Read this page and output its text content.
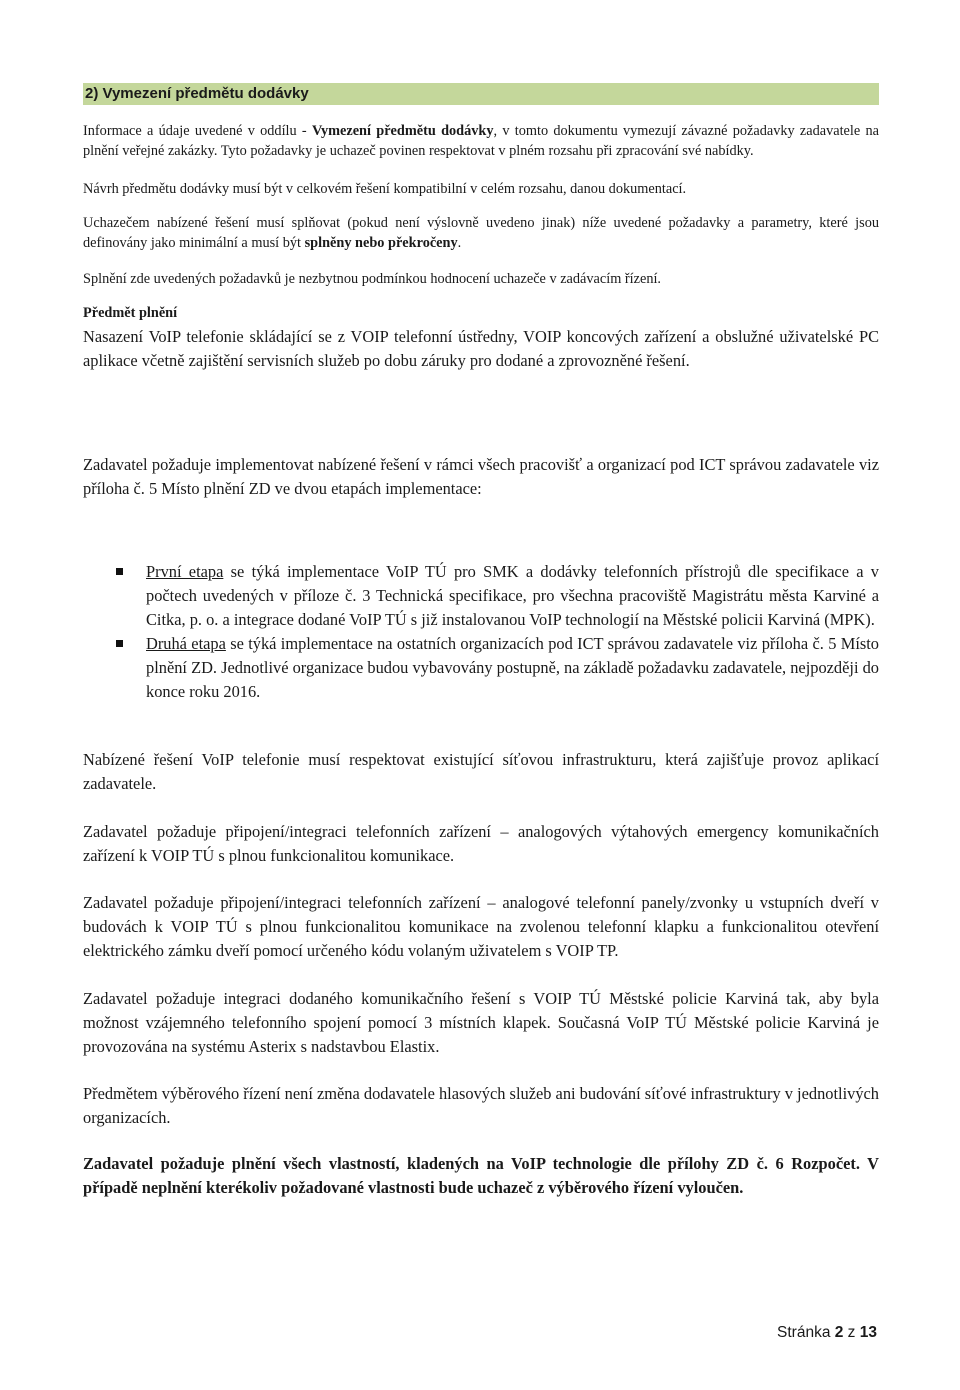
2) Vymezení předmětu dodávky
Informace a údaje uvedené v oddílu - Vymezení předmětu dodávky, v tomto dokumentu vymezují závazné požadavky zadavatele na plnění veřejné zakázky. Tyto požadavky je uchazeč povinen respektovat v plném rozsahu při zpracování své nabídky.
Návrh předmětu dodávky musí být v celkovém řešení kompatibilní v celém rozsahu, danou dokumentací.
Uchazečem nabízené řešení musí splňovat (pokud není výslovně uvedeno jinak) níže uvedené požadavky a parametry, které jsou definovány jako minimální a musí být splněny nebo překročeny.
Splnění zde uvedených požadavků je nezbytnou podmínkou hodnocení uchazeče v zadávacím řízení.
Předmět plnění
Nasazení VoIP telefonie skládající se z VOIP telefonní ústředny, VOIP koncových zařízení a obslužné uživatelské PC aplikace včetně zajištění servisních služeb po dobu záruky pro dodané a zprovozněné řešení.
Zadavatel požaduje implementovat nabízené řešení v rámci všech pracovišť a organizací pod ICT správou zadavatele viz příloha č. 5 Místo plnění ZD ve dvou etapách implementace:
První etapa se týká implementace VoIP TÚ pro SMK a dodávky telefonních přístrojů dle specifikace a v počtech uvedených v příloze č. 3 Technická specifikace, pro všechna pracoviště Magistrátu města Karviné a Citka, p. o. a integrace dodané VoIP TÚ s již instalovanou VoIP technologií na Městské policii Karviná (MPK).
Druhá etapa se týká implementace na ostatních organizacích pod ICT správou zadavatele viz příloha č. 5 Místo plnění ZD. Jednotlivé organizace budou vybavovány postupně, na základě požadavku zadavatele, nejpozději do konce roku 2016.
Nabízené řešení VoIP telefonie musí respektovat existující síťovou infrastrukturu, která zajišťuje provoz aplikací zadavatele.
Zadavatel požaduje připojení/integraci telefonních zařízení – analogových výtahových emergency komunikačních zařízení k VOIP TÚ s plnou funkcionalitou komunikace.
Zadavatel požaduje připojení/integraci telefonních zařízení – analogové telefonní panely/zvonky u vstupních dveří v budovách k VOIP TÚ s plnou funkcionalitou komunikace na zvolenou telefonní klapku a funkcionalitou otevření elektrického zámku dveří pomocí určeného kódu volaným uživatelem s VOIP TP.
Zadavatel požaduje integraci dodaného komunikačního řešení s VOIP TÚ Městské policie Karviná tak, aby byla možnost vzájemného telefonního spojení pomocí 3 místních klapek. Současná VoIP TÚ Městské policie Karviná je provozována na systému Asterix s nadstavbou Elastix.
Předmětem výběrového řízení není změna dodavatele hlasových služeb ani budování síťové infrastruktury v jednotlivých organizacích.
Zadavatel požaduje plnění všech vlastností, kladených na VoIP technologie dle přílohy ZD č. 6 Rozpočet. V případě neplnění kterékoliv požadované vlastnosti bude uchazeč z výběrového řízení vyloučen.
Stránka 2 z 13
